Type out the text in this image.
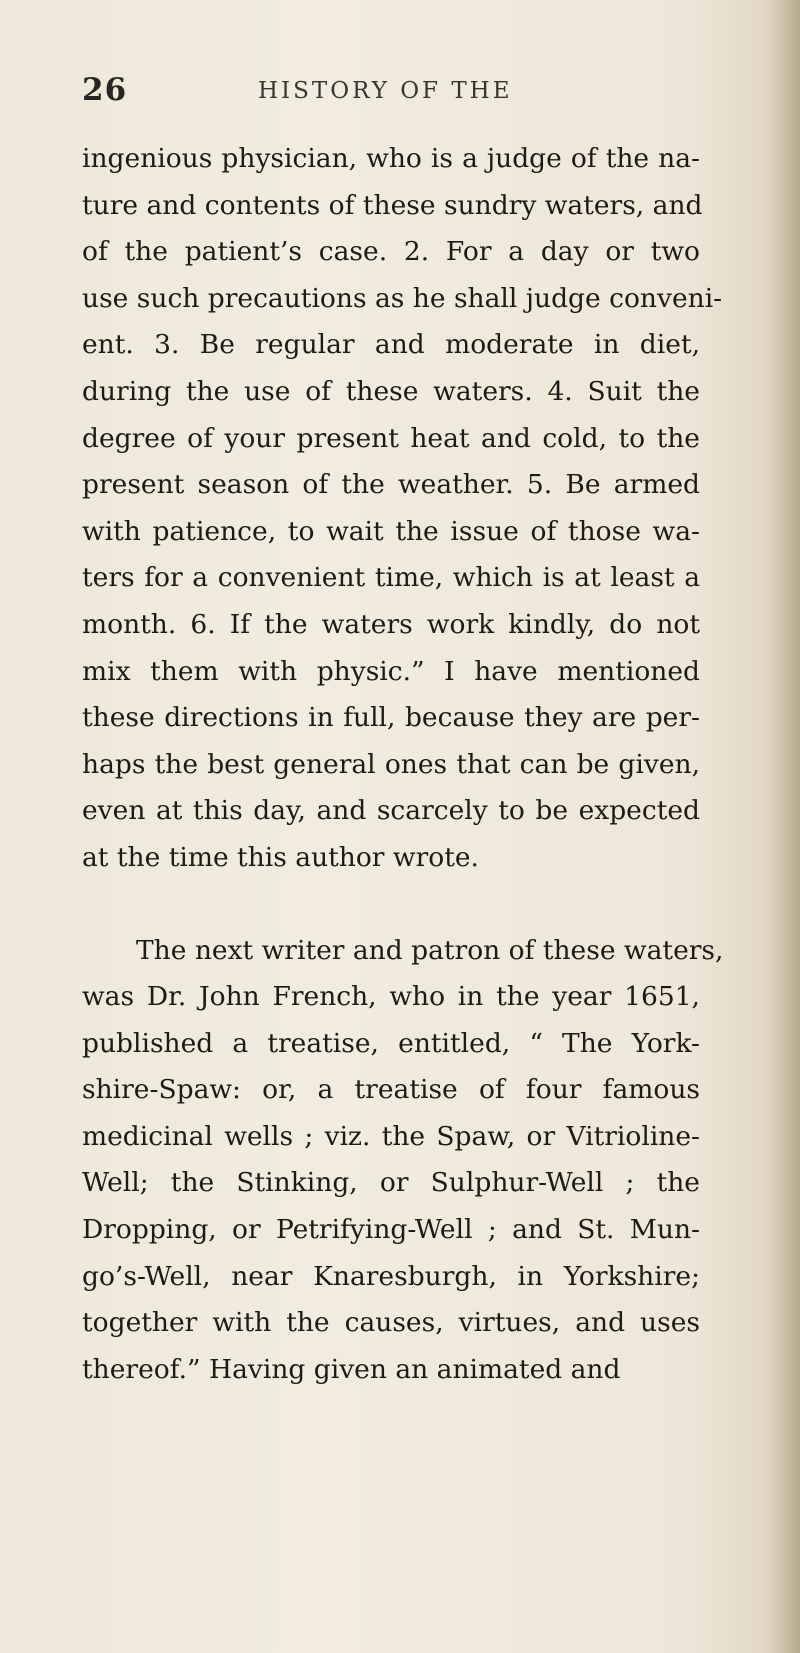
26	HISTORY OF THE
ingenious physician, who is a judge of the na-
ture and contents of these sundry waters, and
of the patient’s case. 2. For a day or two
use such precautions as he shall judge conveni-
ent. 3. Be regular and moderate in diet,
during the use of these waters. 4. Suit the
degree of your present heat and cold, to the
present season of the weather. 5. Be armed
with patience, to wait the issue of those wa-
ters for a convenient time, which is at least a
month. 6. If the waters work kindly, do not
mix them with physic.” I have mentioned
these directions in full, because they are per-
haps the best general ones that can be given,
even at this day, and scarcely to be expected
at the time this author wrote.
The next writer and patron of these waters,
was Dr. John French, who in the year 1651,
published a treatise, entitled, “ The York-
shire-Spaw: or, a treatise of four famous
medicinal wells ; viz. the Spaw, or Vitrioline-
Well; the Stinking, or Sulphur-Well ; the
Dropping, or Petrifying-Well ; and St. Mun-
go’s-Well, near Knaresburgh, in Yorkshire;
together with the causes, virtues, and uses
thereof.” Having given an animated and
